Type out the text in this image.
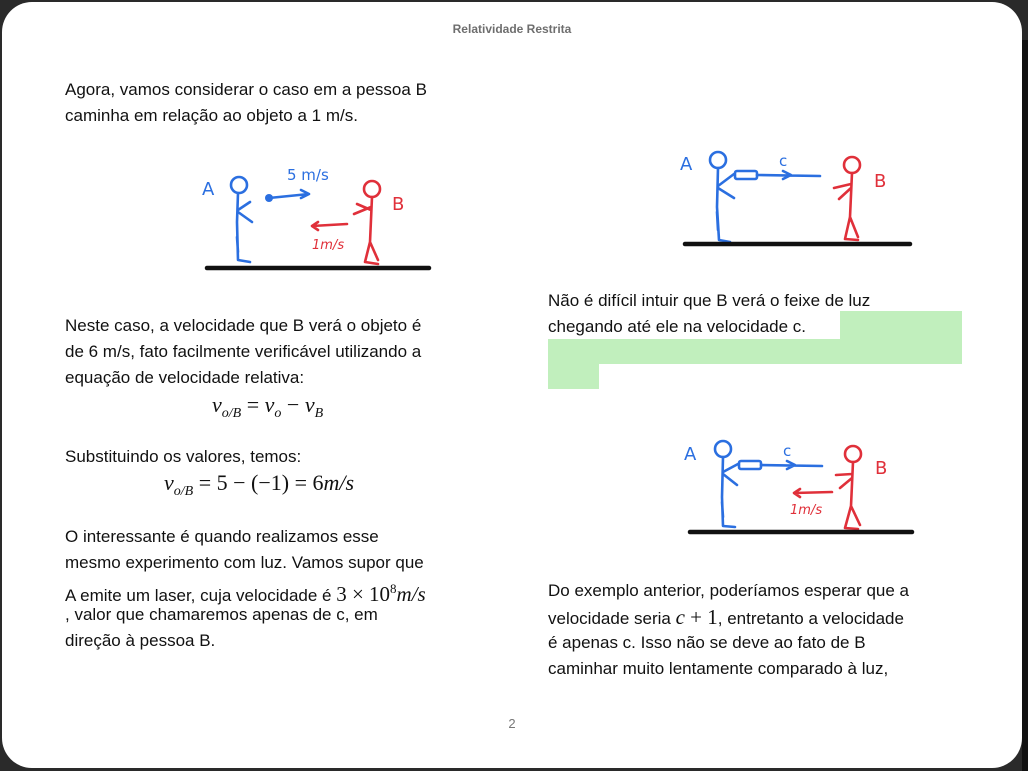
Relatividade Restrita
Agora, vamos considerar o caso em a pessoa B
caminha em relação ao objeto a 1 m/s.
A
5 m/s
B
1m/s
Neste caso, a velocidade que B verá o objeto é
de 6 m/s, fato facilmente verificável utilizando a
equação de velocidade relativa:
$v_{o/B} = v_o - v_B$
Substituindo os valores, temos:
$v_{o/B} = 5 - (-1) = 6m/s$
O interessante é quando realizamos esse
mesmo experimento com luz. Vamos supor que
A emite um laser, cuja velocidade é $3 \times 10^8m/s$
, valor que chamaremos apenas de c, em
direção à pessoa B.
A	c
B
Não é difícil intuir que B verá o feixe de luz
chegando até ele na velocidade c.
A	c
B
1m/s
Do exemplo anterior, poderíamos esperar que a
velocidade seria c + 1, entretanto a velocidade
é apenas c. Isso não se deve ao fato de B
caminhar muito lentamente comparado à luz,
2
